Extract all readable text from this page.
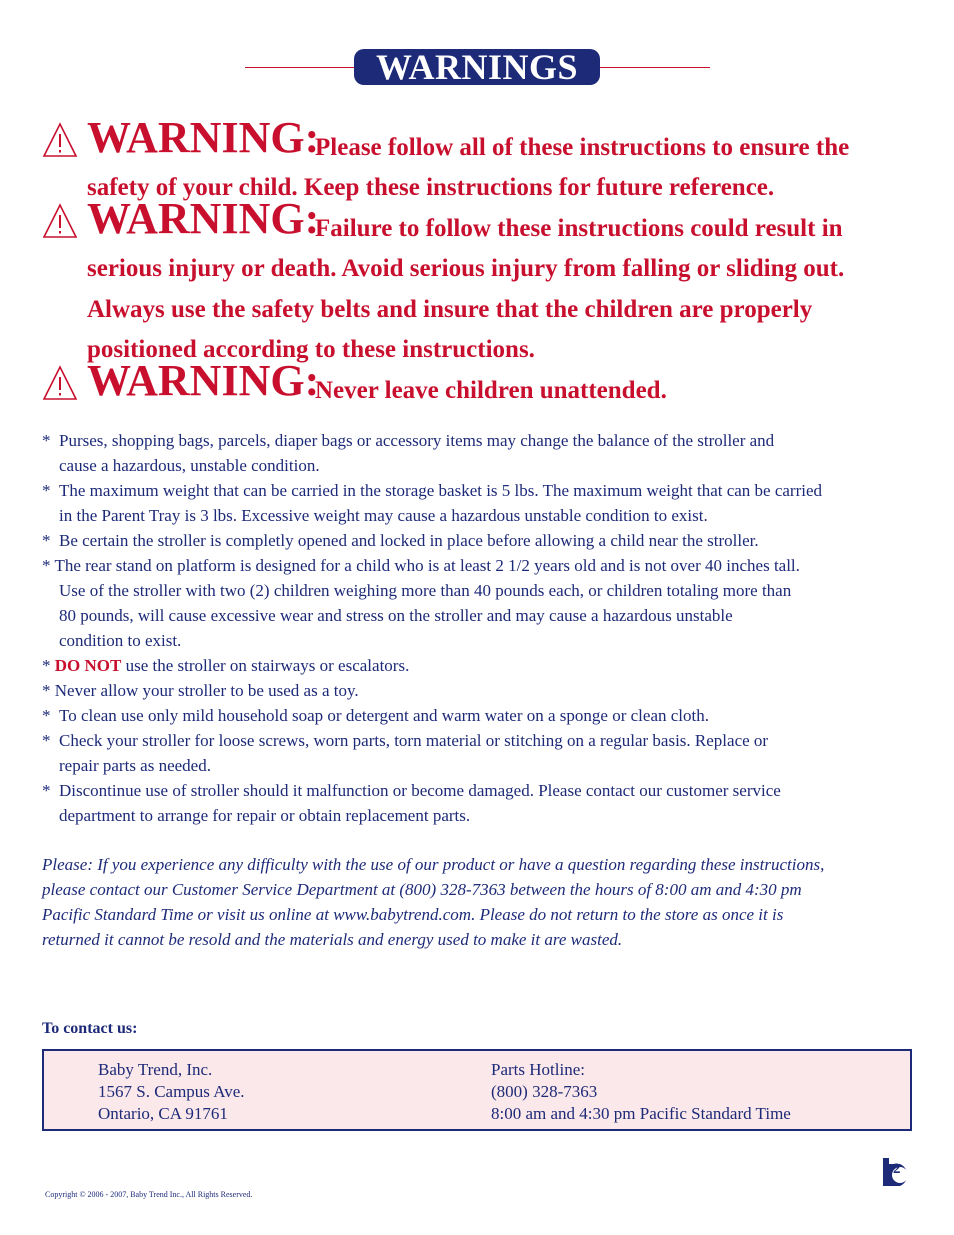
WARNINGS
WARNING:
Please follow all of these instructions to ensure the
safety of your child. Keep these instructions for future reference.
WARNING:
Failure to follow these instructions could result in
serious injury or death. Avoid serious injury from falling or sliding out.
Always use the safety belts and insure that the children are properly
positioned according to these instructions.
WARNING:
Never leave children unattended.
* Purses, shopping bags, parcels, diaper bags or accessory items may change the balance of the stroller and
cause a hazardous, unstable condition.
* The maximum weight that can be carried in the storage basket is 5 lbs. The maximum weight that can be carried
in the Parent Tray is 3 lbs. Excessive weight may cause a hazardous unstable condition to exist.
* Be certain the stroller is completly opened and locked in place before allowing a child near the stroller.
* The rear stand on platform is designed for a child who is at least 2 1/2 years old and is not over 40 inches tall.
Use of the stroller with two (2) children weighing more than 40 pounds each, or children totaling more than
80 pounds, will cause excessive wear and stress on the stroller and may cause a hazardous unstable
condition to exist.
* DO NOT use the stroller on stairways or escalators.
* Never allow your stroller to be used as a toy.
* To clean use only mild household soap or detergent and warm water on a sponge or clean cloth.
* Check your stroller for loose screws, worn parts, torn material or stitching on a regular basis. Replace or
repair parts as needed.
* Discontinue use of stroller should it malfunction or become damaged. Please contact our customer service
department to arrange for repair or obtain replacement parts.
Please: If you experience any difficulty with the use of our product or have a question regarding these instructions,
please contact our Customer Service Department at (800) 328-7363 between the hours of 8:00 am and 4:30 pm
Pacific Standard Time or visit us online at www.babytrend.com. Please do not return to the store as once it is
returned it cannot be resold and the materials and energy used to make it are wasted.
To contact us:
Baby Trend, Inc.
1567 S. Campus Ave.
Ontario, CA 91761
Parts Hotline:
(800) 328-7363
8:00 am and 4:30 pm Pacific Standard Time
Copyright © 2006 - 2007, Baby Trend Inc., All Rights Reserved.
2
